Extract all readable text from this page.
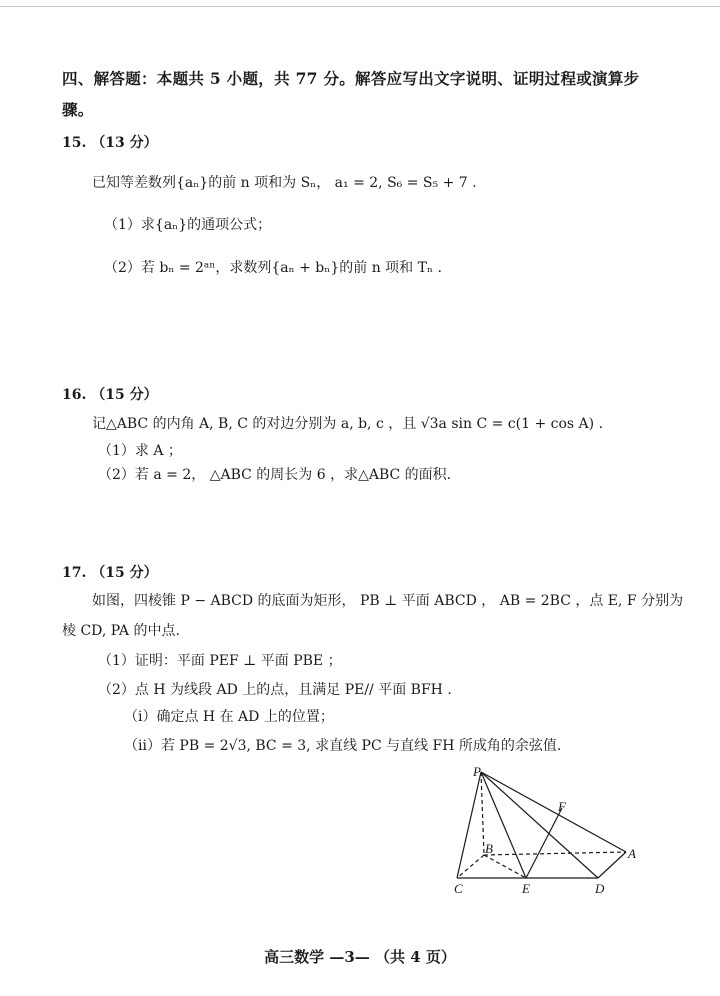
四、解答题：本题共 5 小题，共 77 分。解答应写出文字说明、证明过程或演算步
骤。
15. （13 分）
已知等差数列{aₙ}的前 n 项和为 Sₙ， a₁ = 2, S₆ = S₅ + 7 .
（1）求{aₙ}的通项公式；
（2）若 bₙ = 2ᵃⁿ，求数列{aₙ + bₙ}的前 n 项和 Tₙ .
16. （15 分）
记△ABC 的内角 A, B, C 的对边分别为 a, b, c ，且 √3a sin C = c(1 + cos A) .
（1）求 A ；
（2）若 a = 2， △ABC 的周长为 6 ，求△ABC 的面积.
17. （15 分）
如图，四棱锥 P − ABCD 的底面为矩形， PB ⊥ 平面 ABCD ， AB = 2BC ，点 E, F 分别为
棱 CD, PA 的中点.
（1）证明：平面 PEF ⊥ 平面 PBE ；
（2）点 H 为线段 AD 上的点，且满足 PE// 平面 BFH .
（ⅰ）确定点 H 在 AD 上的位置；
（ⅱ）若 PB = 2√3, BC = 3, 求直线 PC 与直线 FH 所成角的余弦值.
P
F
B	A
C	E	D
高三数学 —3— （共 4 页）
